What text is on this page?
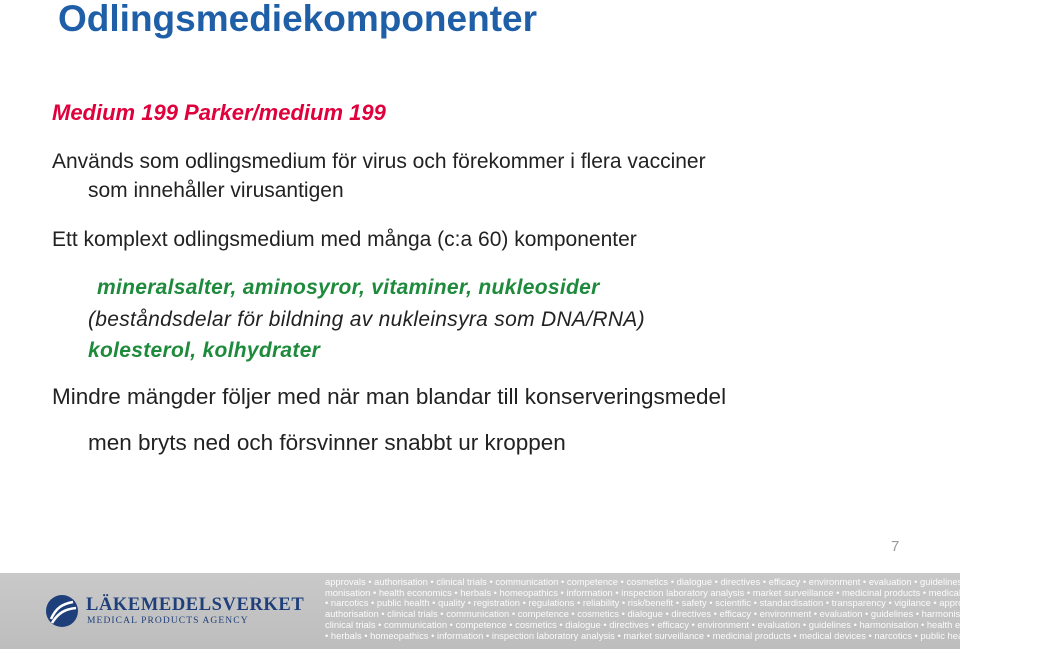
Odlingsmediekomponenter
Medium 199 Parker/medium 199
Används som odlingsmedium för virus och förekommer i flera vacciner
som innehåller virusantigen
Ett komplext odlingsmedium med många (c:a 60) komponenter
mineralsalter, aminosyror, vitaminer, nukleosider
(beståndsdelar för bildning av nukleinsyra som DNA/RNA)
kolesterol, kolhydrater
Mindre mängder följer med när man blandar till konserveringsmedel
men bryts ned och försvinner snabbt ur kroppen
7
approvals • authorisation • clinical trials • communication • competence • cosmetics • dialogue • directives • efficacy • environment • evaluation • guidelines • har
monisation • health economics • herbals • homeopathics • information • inspection laboratory analysis • market surveillance • medicinal products • medical devices
• narcotics • public health • quality • registration • regulations • reliability • risk/benefit • safety • scientific • standardisation • transparency • vigilance • approvals •
authorisation • clinical trials • communication • competence • cosmetics • dialogue • directives • efficacy • environment • evaluation • guidelines • harmonisation • health economics
clinical trials • communication • competence • cosmetics • dialogue • directives • efficacy • environment • evaluation • guidelines • harmonisation • health economics
• herbals • homeopathics • information • inspection laboratory analysis • market surveillance • medicinal products • medical devices • narcotics • public health
LÄKEMEDELSVERKET
MEDICAL PRODUCTS AGENCY
